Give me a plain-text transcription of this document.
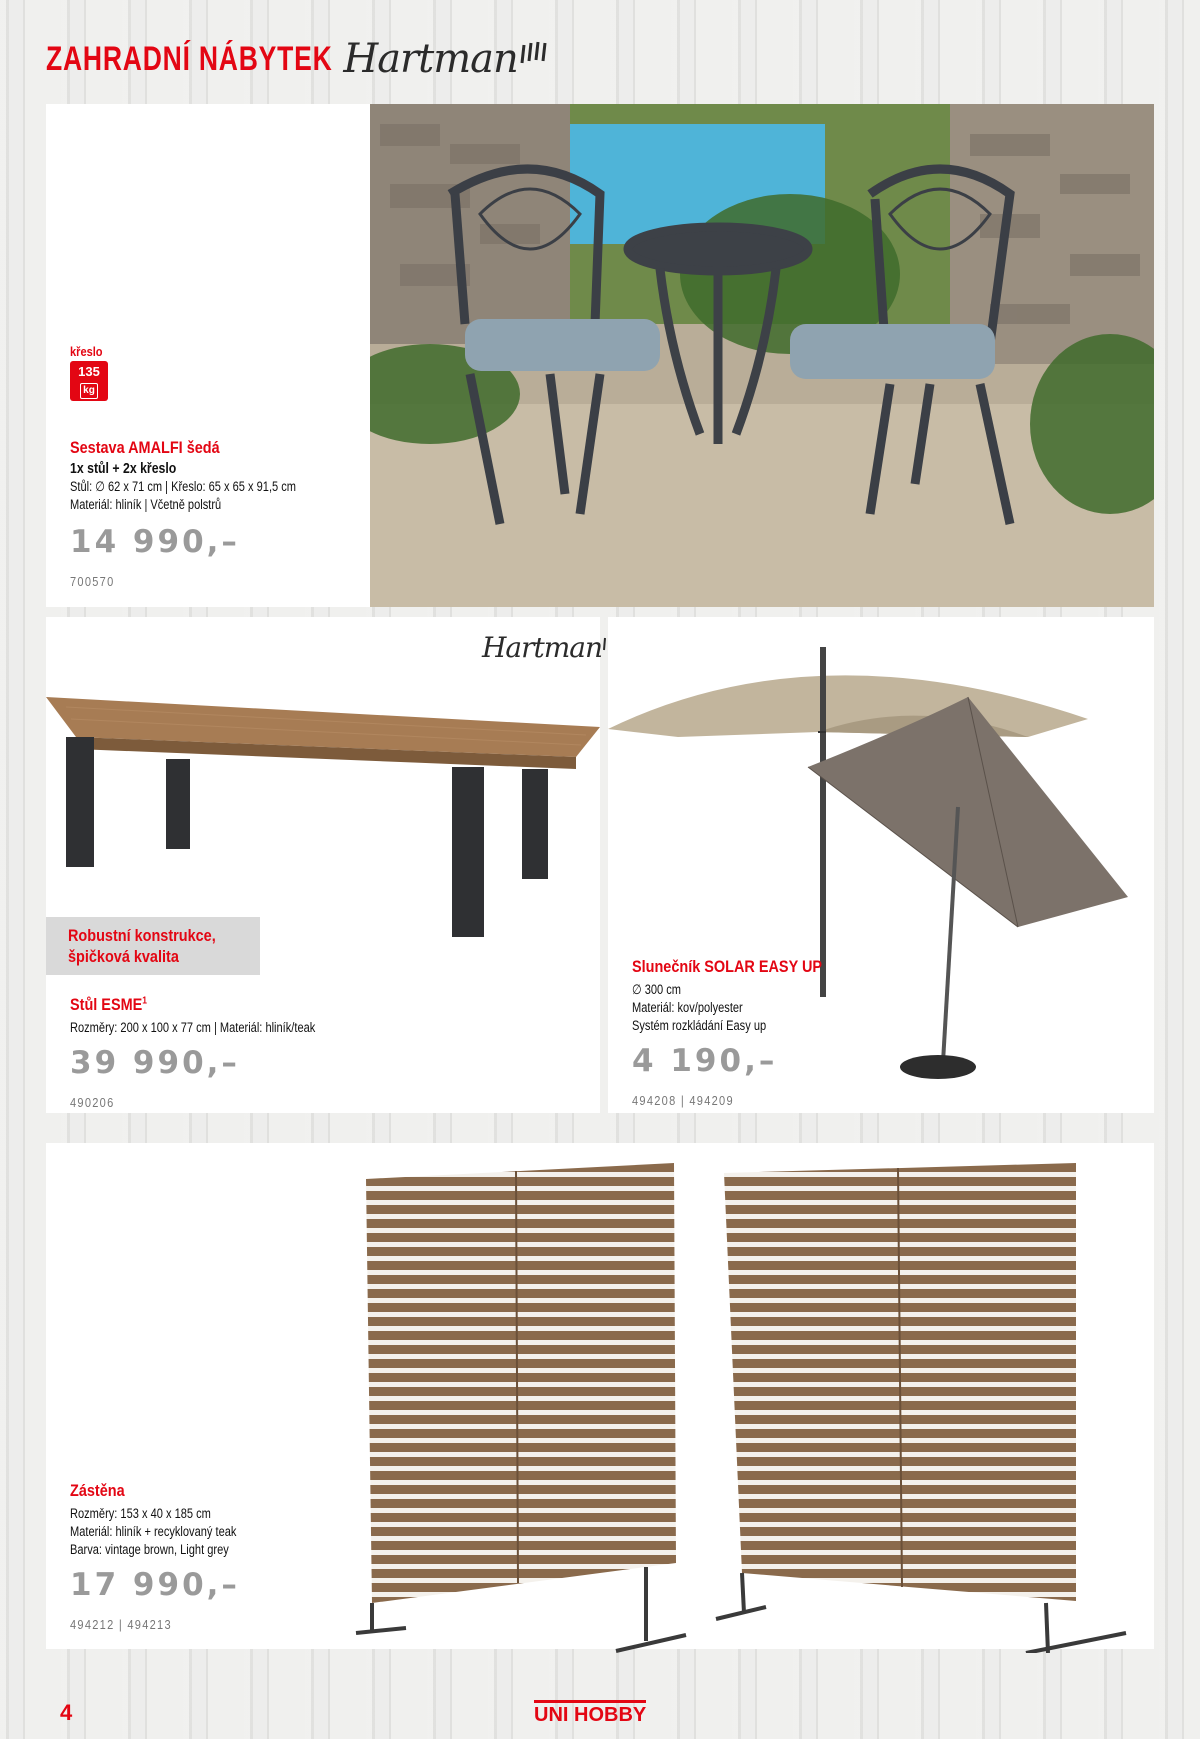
ZAHRADNÍ NÁBYTEK Hartman
křeslo
135
kg
Sestava AMALFI šedá
1x stůl + 2x křeslo
Stůl: ∅ 62 x 71 cm | Křeslo: 65 x 65 x 91,5 cm
Materiál: hliník | Včetně polstrů
14 990,–
700570
Hartman
Robustní konstrukce,
špičková kvalita
Stůl ESME$^1$
Rozměry: 200 x 100 x 77 cm | Materiál: hliník/teak
39 990,–
490206
Slunečník SOLAR EASY UP
∅ 300 cm
Materiál: kov/polyester
Systém rozkládání Easy up
4 190,–
494208 | 494209
Zástěna
Rozměry: 153 x 40 x 185 cm
Materiál: hliník + recyklovaný teak
Barva: vintage brown, Light grey
17 990,–
494212 | 494213
4	UNI HOBBY
